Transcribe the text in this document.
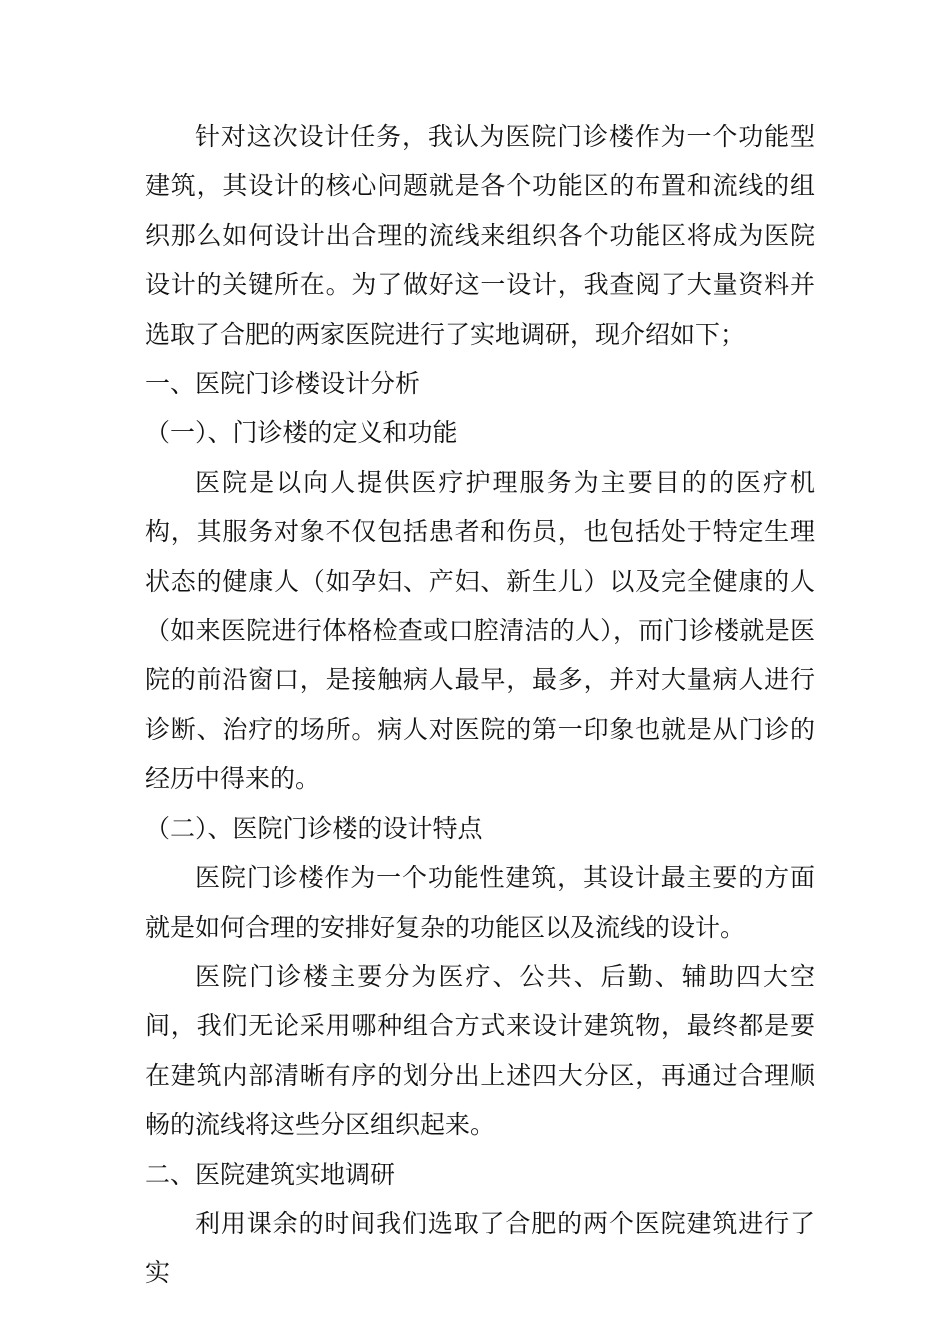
针对这次设计任务，我认为医院门诊楼作为一个功能型建筑，其设计的核心问题就是各个功能区的布置和流线的组织那么如何设计出合理的流线来组织各个功能区将成为医院设计的关键所在。为了做好这一设计，我查阅了大量资料并选取了合肥的两家医院进行了实地调研，现介绍如下；

一、医院门诊楼设计分析

（一）、门诊楼的定义和功能

医院是以向人提供医疗护理服务为主要目的的医疗机构，其服务对象不仅包括患者和伤员，也包括处于特定生理状态的健康人（如孕妇、产妇、新生儿）以及完全健康的人（如来医院进行体格检查或口腔清洁的人），而门诊楼就是医院的前沿窗口，是接触病人最早，最多，并对大量病人进行诊断、治疗的场所。病人对医院的第一印象也就是从门诊的经历中得来的。

（二）、医院门诊楼的设计特点

医院门诊楼作为一个功能性建筑，其设计最主要的方面就是如何合理的安排好复杂的功能区以及流线的设计。

医院门诊楼主要分为医疗、公共、后勤、辅助四大空间，我们无论采用哪种组合方式来设计建筑物，最终都是要在建筑内部清晰有序的划分出上述四大分区，再通过合理顺畅的流线将这些分区组织起来。

二、医院建筑实地调研

利用课余的时间我们选取了合肥的两个医院建筑进行了实
